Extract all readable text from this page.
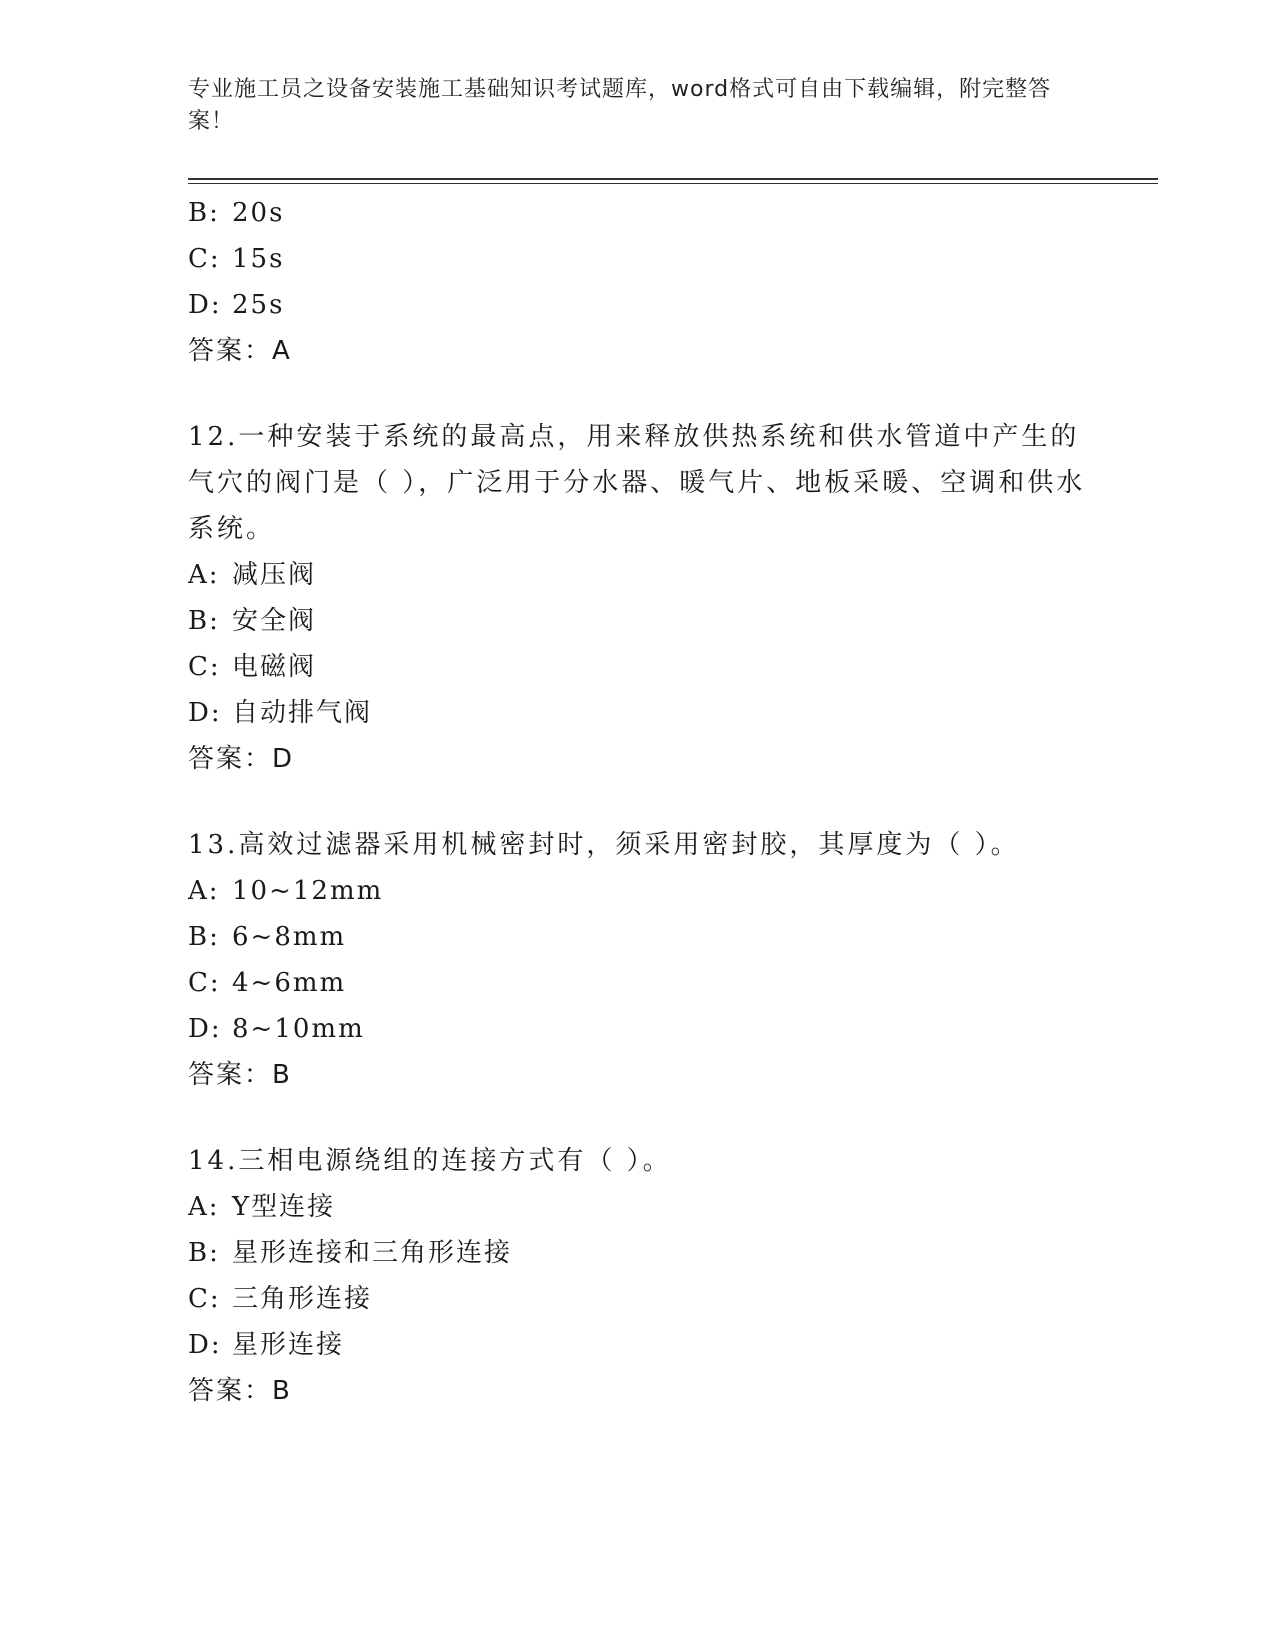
专业施工员之设备安装施工基础知识考试题库，word格式可自由下载编辑，附完整答案！
B: 20s
C: 15s
D: 25s
答案：A
12.一种安装于系统的最高点，用来释放供热系统和供水管道中产生的气穴的阀门是（ ），广泛用于分水器、暖气片、地板采暖、空调和供水系统。
A: 减压阀
B: 安全阀
C: 电磁阀
D: 自动排气阀
答案：D
13.高效过滤器采用机械密封时，须采用密封胶，其厚度为（ ）。
A: 10~12mm
B: 6~8mm
C: 4~6mm
D: 8~10mm
答案：B
14.三相电源绕组的连接方式有（ ）。
A: Y型连接
B: 星形连接和三角形连接
C: 三角形连接
D: 星形连接
答案：B
